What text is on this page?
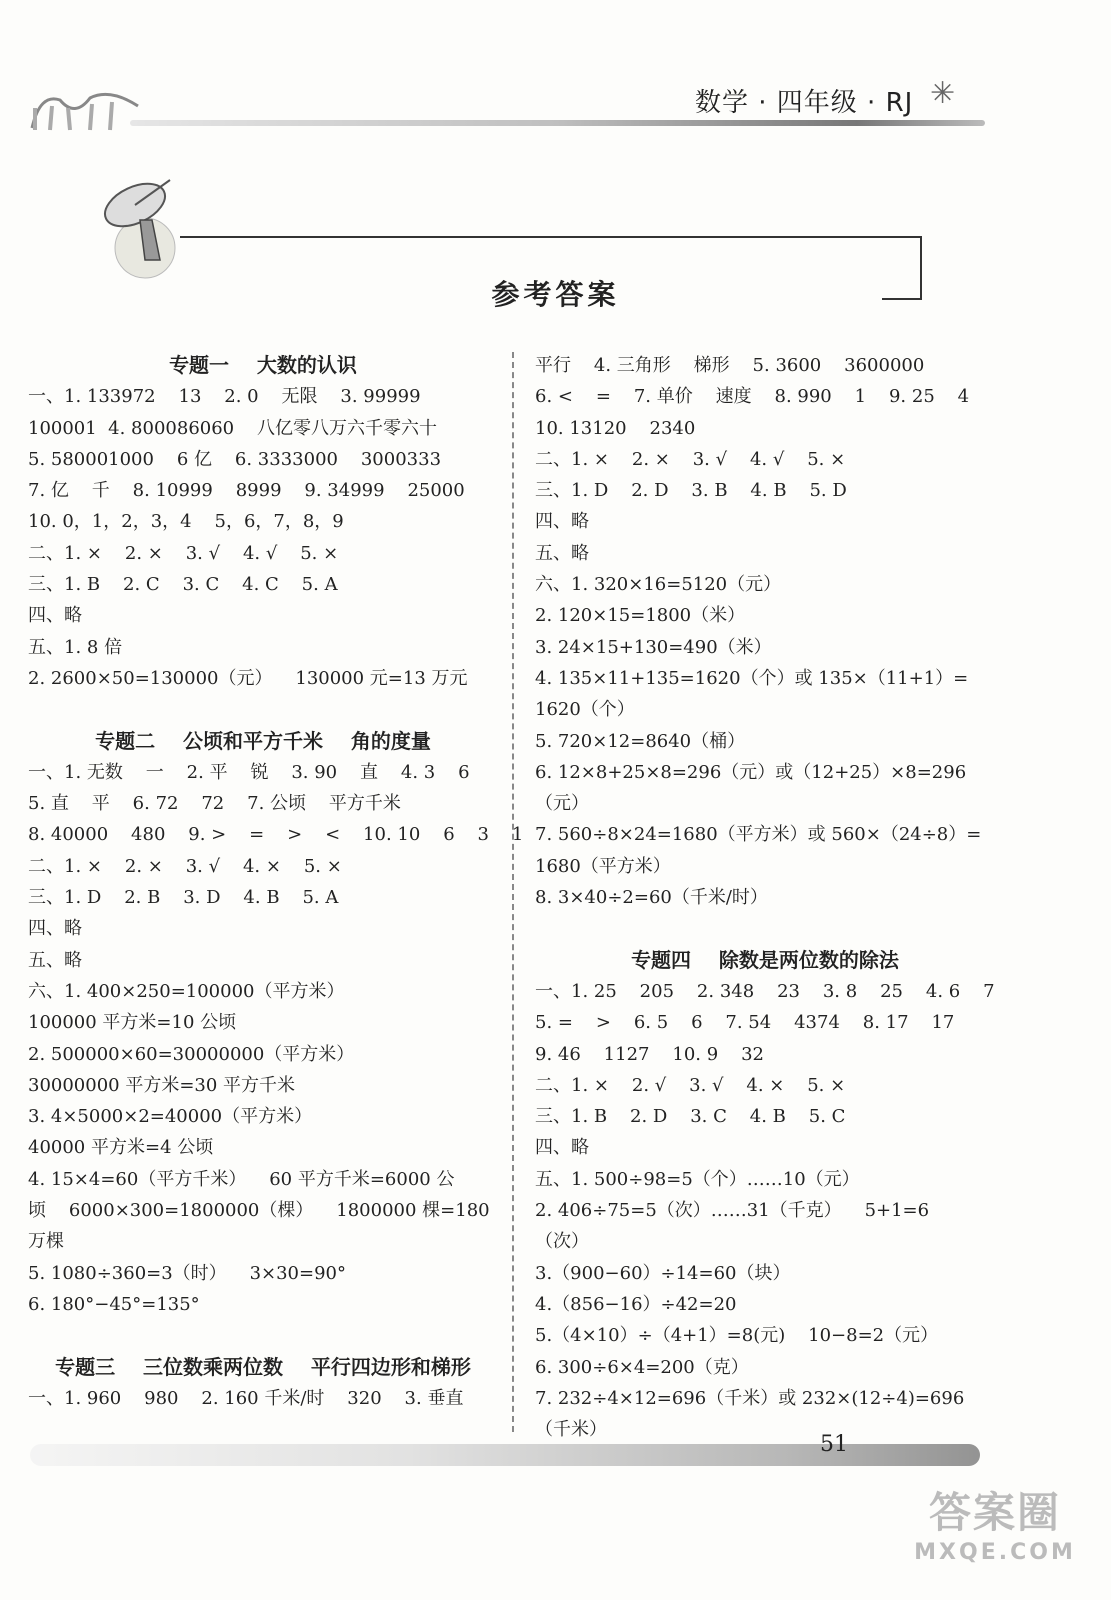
数学 · 四年级 · RJ ✳
参考答案
专题一    大数的认识
一、1. 133972    13    2. 0    无限    3. 99999
100001  4. 800086060    八亿零八万六千零六十
5. 580001000    6 亿    6. 3333000    3000333
7. 亿    千    8. 10999    8999    9. 34999    25000
10. 0，1，2，3，4    5，6，7，8，9
二、1. ×    2. ×    3. √    4. √    5. ×
三、1. B    2. C    3. C    4. C    5. A
四、略
五、1. 8 倍
2. 2600×50=130000（元）    130000 元=13 万元
专题二    公顷和平方千米    角的度量
一、1. 无数    一    2. 平    锐    3. 90    直    4. 3    6
5. 直    平    6. 72    72    7. 公顷    平方千米
8. 40000    480    9. >    =    >    <    10. 10    6    3    1
二、1. ×    2. ×    3. √    4. ×    5. ×
三、1. D    2. B    3. D    4. B    5. A
四、略
五、略
六、1. 400×250=100000（平方米）
100000 平方米=10 公顷
2. 500000×60=30000000（平方米）
30000000 平方米=30 平方千米
3. 4×5000×2=40000（平方米）
40000 平方米=4 公顷
4. 15×4=60（平方千米）    60 平方千米=6000 公
顷    6000×300=1800000（棵）    1800000 棵=180
万棵
5. 1080÷360=3（时）    3×30=90°
6. 180°−45°=135°
专题三    三位数乘两位数    平行四边形和梯形
一、1. 960    980    2. 160 千米/时    320    3. 垂直
平行    4. 三角形    梯形    5. 3600    3600000
6. <    =    7. 单价    速度    8. 990    1    9. 25    4
10. 13120    2340
二、1. ×    2. ×    3. √    4. √    5. ×
三、1. D    2. D    3. B    4. B    5. D
四、略
五、略
六、1. 320×16=5120（元）
2. 120×15=1800（米）
3. 24×15+130=490（米）
4. 135×11+135=1620（个）或 135×（11+1）=
1620（个）
5. 720×12=8640（桶）
6. 12×8+25×8=296（元）或（12+25）×8=296
（元）
7. 560÷8×24=1680（平方米）或 560×（24÷8）=
1680（平方米）
8. 3×40÷2=60（千米/时）
专题四    除数是两位数的除法
一、1. 25    205    2. 348    23    3. 8    25    4. 6    7
5. =    >    6. 5    6    7. 54    4374    8. 17    17
9. 46    1127    10. 9    32
二、1. ×    2. √    3. √    4. ×    5. ×
三、1. B    2. D    3. C    4. B    5. C
四、略
五、1. 500÷98=5（个）……10（元）
2. 406÷75=5（次）……31（千克）    5+1=6
（次）
3.（900−60）÷14=60（块）
4.（856−16）÷42=20
5.（4×10）÷（4+1）=8(元)    10−8=2（元）
6. 300÷6×4=200（克）
7. 232÷4×12=696（千米）或 232×(12÷4)=696
（千米）
51
答案圈
MXQE.COM
